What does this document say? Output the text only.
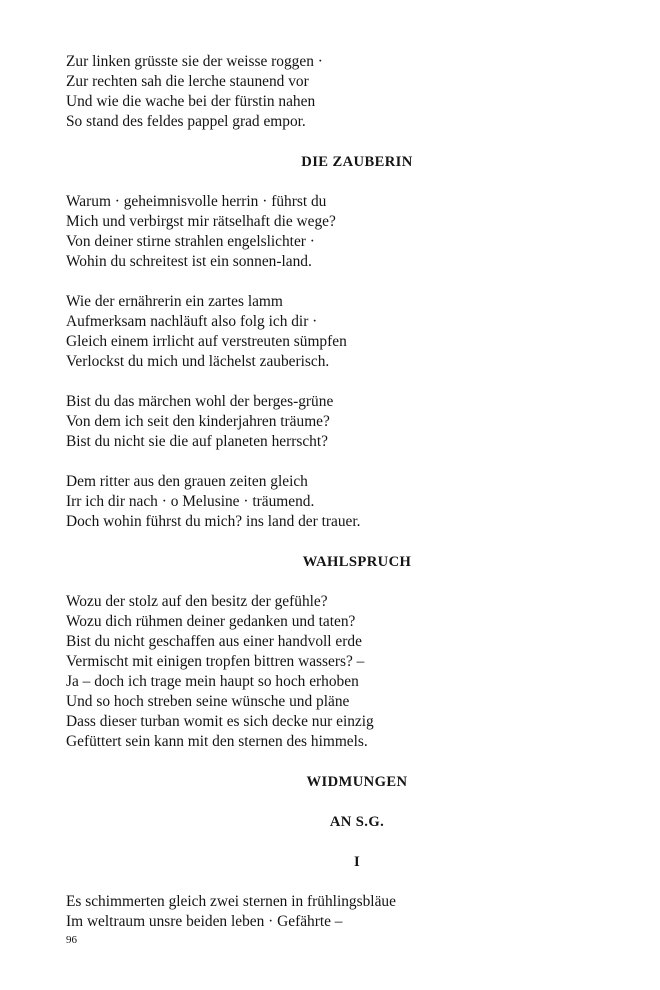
Zur linken grüsste sie der weisse roggen ·
Zur rechten sah die lerche staunend vor
Und wie die wache bei der fürstin nahen
So stand des feldes pappel grad empor.
DIE ZAUBERIN
Warum · geheimnisvolle herrin · führst du
Mich und verbirgst mir rätselhaft die wege?
Von deiner stirne strahlen engelslichter ·
Wohin du schreitest ist ein sonnen-land.
Wie der ernährerin ein zartes lamm
Aufmerksam nachläuft also folg ich dir ·
Gleich einem irrlicht auf verstreuten sümpfen
Verlockst du mich und lächelst zauberisch.
Bist du das märchen wohl der berges-grüne
Von dem ich seit den kinderjahren träume?
Bist du nicht sie die auf planeten herrscht?
Dem ritter aus den grauen zeiten gleich
Irr ich dir nach · o Melusine · träumend.
Doch wohin führst du mich? ins land der trauer.
WAHLSPRUCH
Wozu der stolz auf den besitz der gefühle?
Wozu dich rühmen deiner gedanken und taten?
Bist du nicht geschaffen aus einer handvoll erde
Vermischt mit einigen tropfen bittren wassers? –
Ja – doch ich trage mein haupt so hoch erhoben
Und so hoch streben seine wünsche und pläne
Dass dieser turban womit es sich decke nur einzig
Gefüttert sein kann mit den sternen des himmels.
WIDMUNGEN
AN S.G.
I
Es schimmerten gleich zwei sternen in frühlingsbläue
Im weltraum unsre beiden leben · Gefährte –
96
